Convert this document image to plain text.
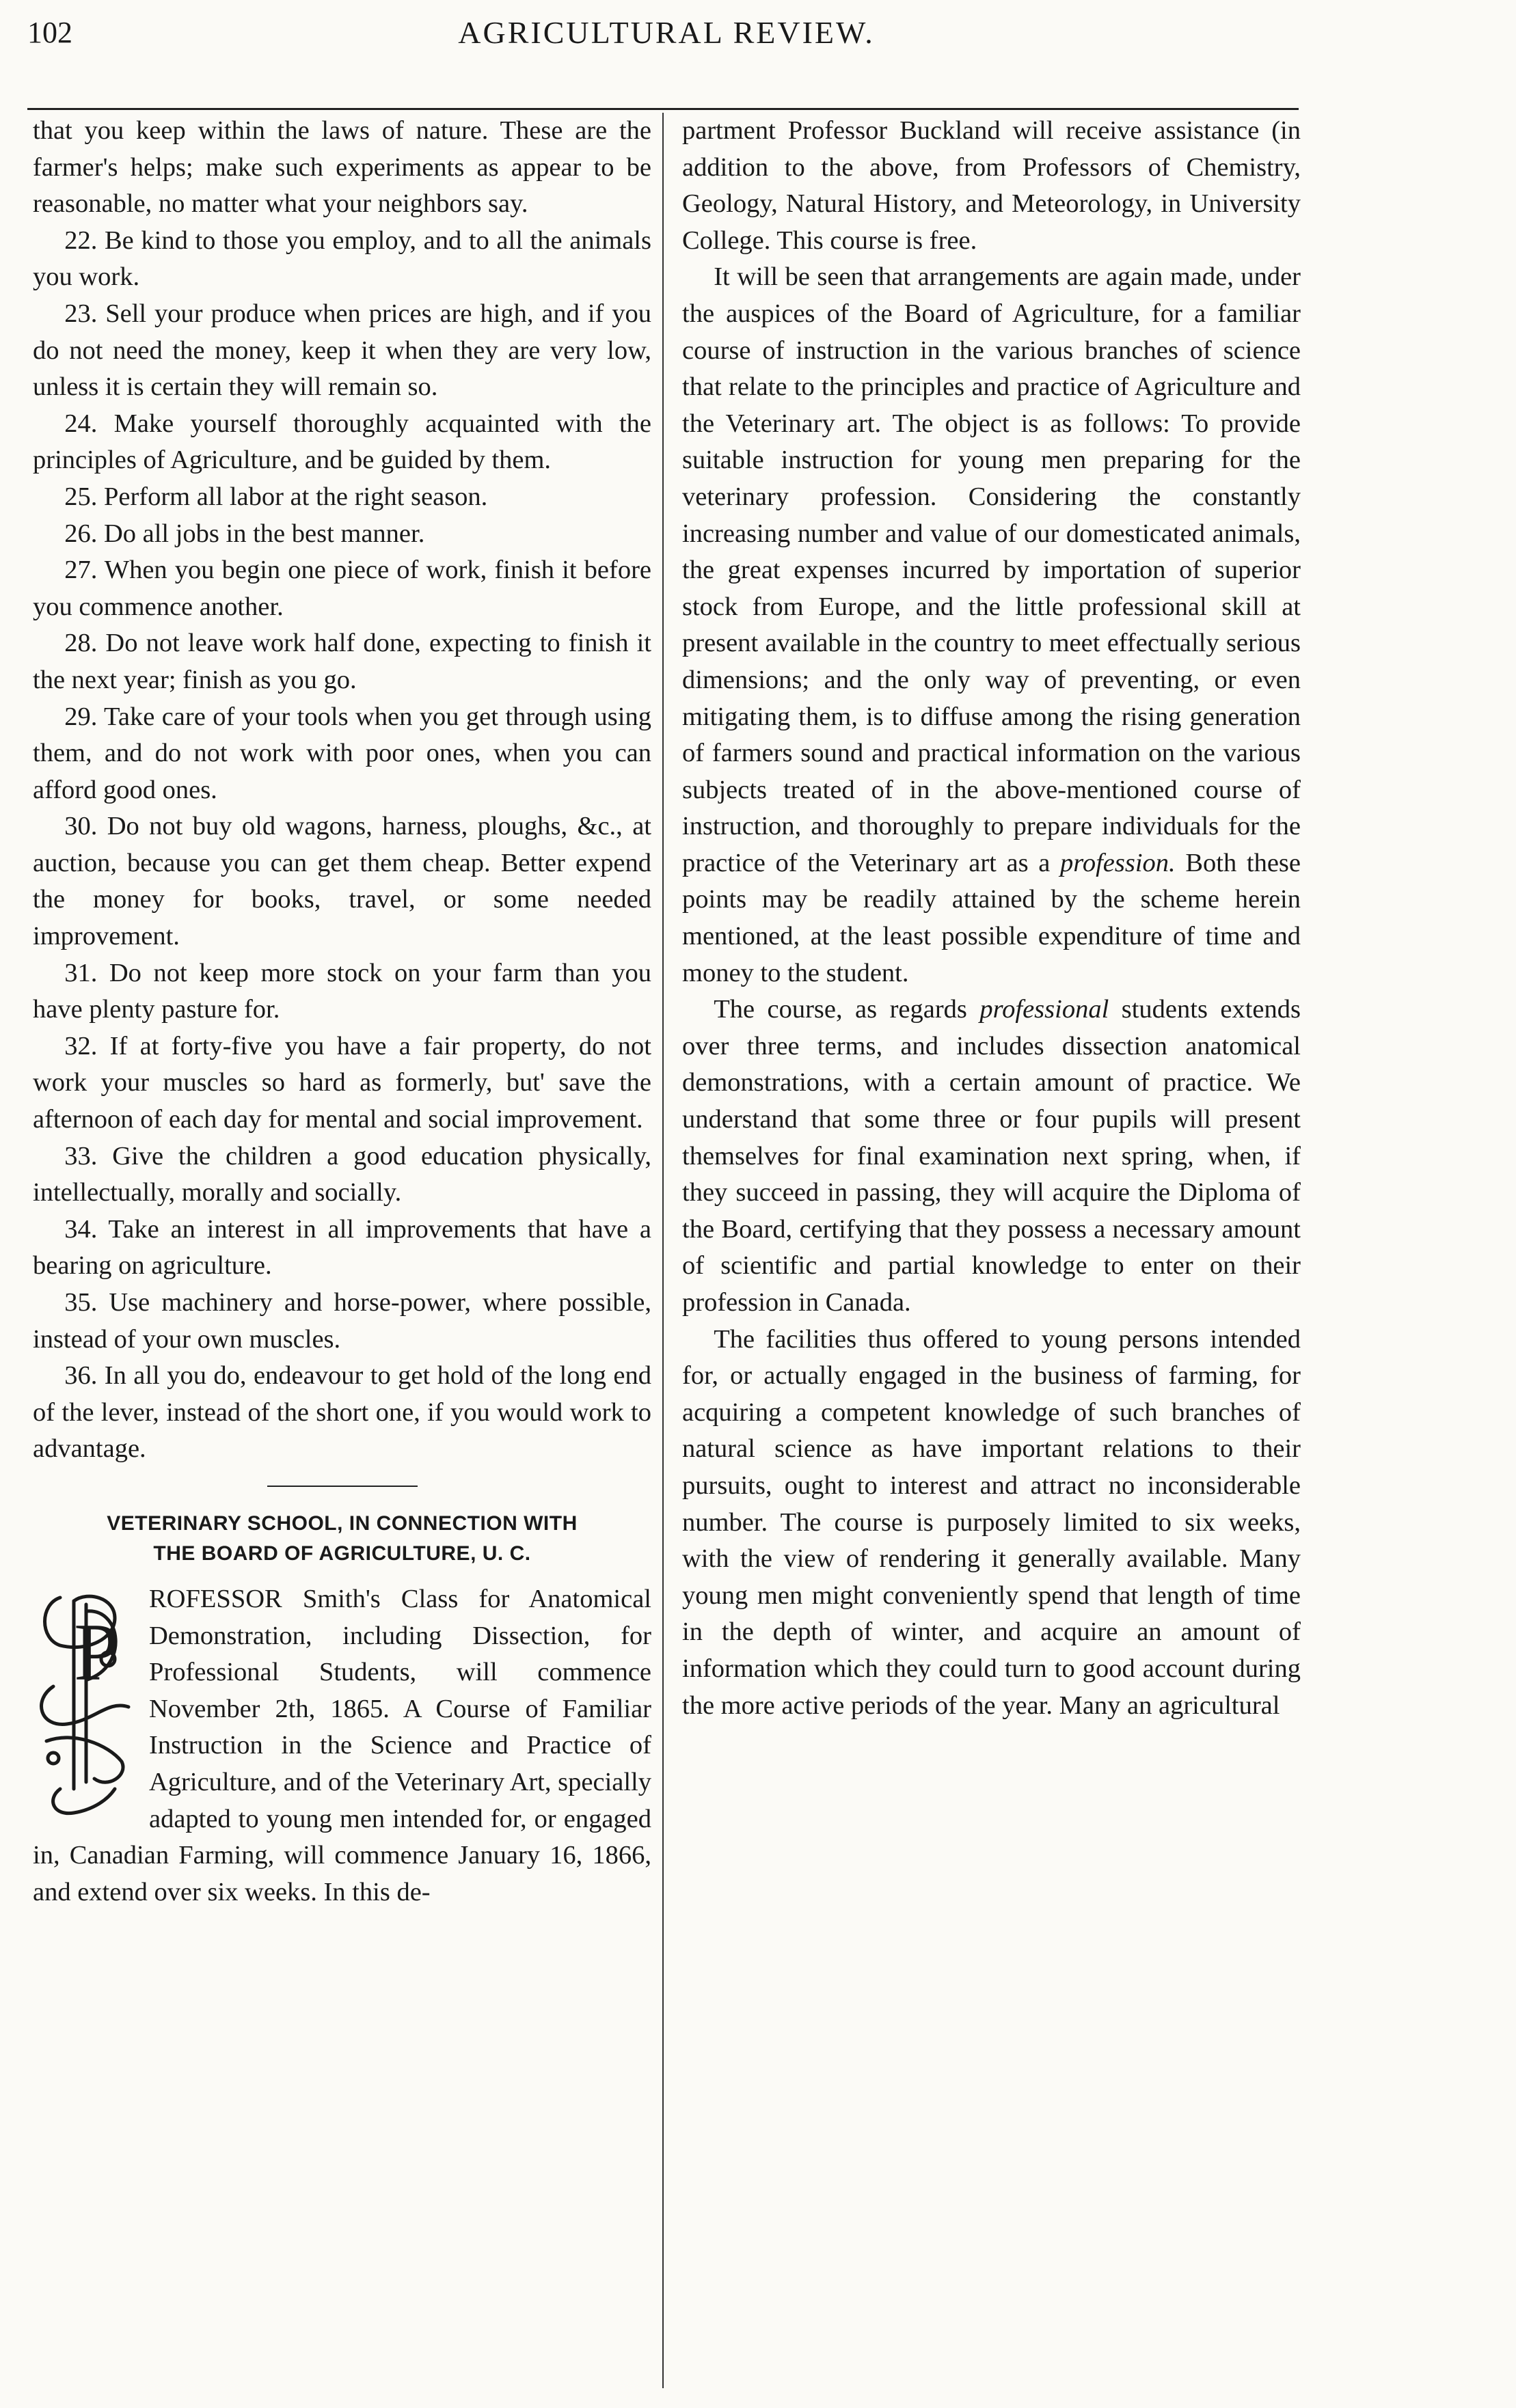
102	AGRICULTURAL REVIEW.

that you keep within the laws of nature. These are the farmer's helps; make such experiments as appear to be reasonable, no matter what your neighbors say.

22. Be kind to those you employ, and to all the animals you work.

23. Sell your produce when prices are high, and if you do not need the money, keep it when they are very low, unless it is certain they will remain so.

24. Make yourself thoroughly acquainted with the principles of Agriculture, and be guided by them.

25. Perform all labor at the right season.

26. Do all jobs in the best manner.

27. When you begin one piece of work, finish it before you commence another.

28. Do not leave work half done, expecting to finish it the next year; finish as you go.

29. Take care of your tools when you get through using them, and do not work with poor ones, when you can afford good ones.

30. Do not buy old wagons, harness, ploughs, &c., at auction, because you can get them cheap. Better expend the money for books, travel, or some needed improvement.

31. Do not keep more stock on your farm than you have plenty pasture for.

32. If at forty-five you have a fair property, do not work your muscles so hard as formerly, but' save the afternoon of each day for mental and social improvement.

33. Give the children a good education physically, intellectually, morally and socially.

34. Take an interest in all improvements that have a bearing on agriculture.

35. Use machinery and horse-power, where possible, instead of your own muscles.

36. In all you do, endeavour to get hold of the long end of the lever, instead of the short one, if you would work to advantage.

VETERINARY SCHOOL, IN CONNECTION WITH
THE BOARD OF AGRICULTURE, U. C.
P

ROFESSOR Smith's Class for Anatomical Demonstration, including Dissection, for Professional Students, will commence November 2th, 1865. A Course of Familiar Instruction in the Science and Practice of Agriculture, and of the Veterinary Art, specially adapted to young men intended for, or engaged in, Canadian Farming, will commence January 16, 1866, and extend over six weeks. In this de-

partment Professor Buckland will receive assistance (in addition to the above, from Professors of Chemistry, Geology, Natural History, and Meteorology, in University College. This course is free.

It will be seen that arrangements are again made, under the auspices of the Board of Agriculture, for a familiar course of instruction in the various branches of science that relate to the principles and practice of Agriculture and the Veterinary art. The object is as follows: To provide suitable instruction for young men preparing for the veterinary profession. Considering the constantly increasing number and value of our domesticated animals, the great expenses incurred by importation of superior stock from Europe, and the little professional skill at present available in the country to meet effectually serious dimensions; and the only way of preventing, or even mitigating them, is to diffuse among the rising generation of farmers sound and practical information on the various subjects treated of in the above-mentioned course of instruction, and thoroughly to prepare individuals for the practice of the Veterinary art as a profession. Both these points may be readily attained by the scheme herein mentioned, at the least possible expenditure of time and money to the student.

The course, as regards professional students extends over three terms, and includes dissection anatomical demonstrations, with a certain amount of practice. We understand that some three or four pupils will present themselves for final examination next spring, when, if they succeed in passing, they will acquire the Diploma of the Board, certifying that they possess a necessary amount of scientific and partial knowledge to enter on their profession in Canada.

The facilities thus offered to young persons intended for, or actually engaged in the business of farming, for acquiring a competent knowledge of such branches of natural science as have important relations to their pursuits, ought to interest and attract no inconsiderable number. The course is purposely limited to six weeks, with the view of rendering it generally available. Many young men might conveniently spend that length of time in the depth of winter, and acquire an amount of information which they could turn to good account during the more active periods of the year. Many an agricultural
